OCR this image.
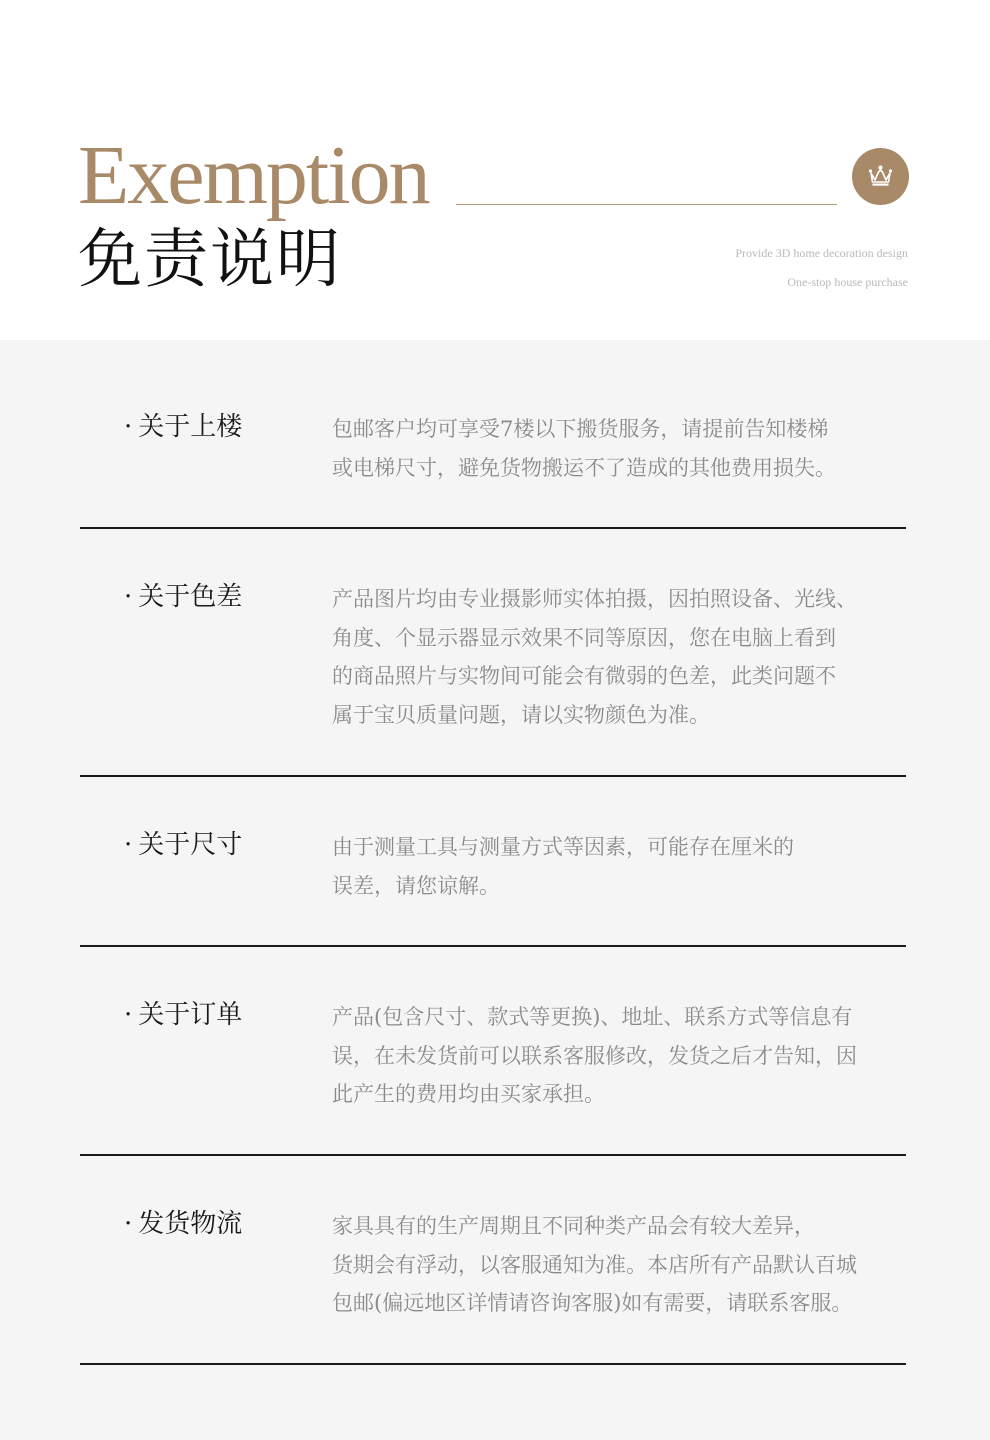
Exemption
免责说明	Provide 3D home decoration design
One-stop house purchase
· 关于上楼	包邮客户均可享受7楼以下搬货服务，请提前告知楼梯

或电梯尺寸，避免货物搬运不了造成的其他费用损失。

· 关于色差	产品图片均由专业摄影师实体拍摄，因拍照设备、光线、

角度、个显示器显示效果不同等原因，您在电脑上看到

的商品照片与实物间可能会有微弱的色差，此类问题不

属于宝贝质量问题，请以实物颜色为准。

· 关于尺寸	由于测量工具与测量方式等因素，可能存在厘米的

误差，请您谅解。

· 关于订单	产品(包含尺寸、款式等更换)、地址、联系方式等信息有

误，在未发货前可以联系客服修改，发货之后才告知，因

此产生的费用均由买家承担。

· 发货物流	家具具有的生产周期且不同种类产品会有较大差异，

货期会有浮动，以客服通知为准。本店所有产品默认百城

包邮(偏远地区详情请咨询客服)如有需要，请联系客服。
